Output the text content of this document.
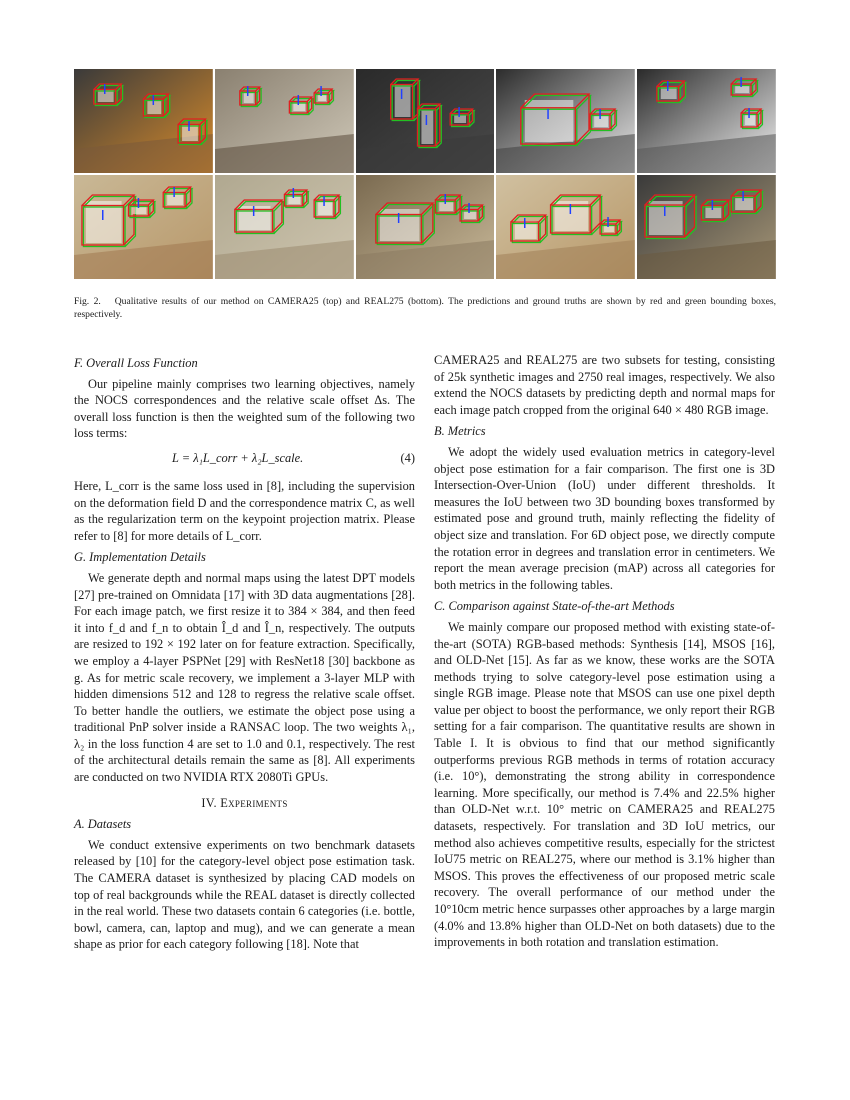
Fig. 2.  Qualitative results of our method on CAMERA25 (top) and REAL275 (bottom). The predictions and ground truths are shown by red and green bounding boxes, respectively.
F. Overall Loss Function

Our pipeline mainly comprises two learning objectives, namely the NOCS correspondences and the relative scale offset Δs. The overall loss function is then the weighted sum of the following two loss terms:

L = λ₁L_corr + λ₂L_scale.	(4)

Here, L_corr is the same loss used in [8], including the supervision on the deformation field D and the correspondence matrix C, as well as the regularization term on the keypoint projection matrix. Please refer to [8] for more details of L_corr.

G. Implementation Details

We generate depth and normal maps using the latest DPT models [27] pre-trained on Omnidata [17] with 3D data augmentations [28]. For each image patch, we first resize it to 384 × 384, and then feed it into f_d and f_n to obtain Î_d and Î_n, respectively. The outputs are resized to 192 × 192 later on for feature extraction. Specifically, we employ a 4-layer PSPNet [29] with ResNet18 [30] backbone as g. As for metric scale recovery, we implement a 3-layer MLP with hidden dimensions 512 and 128 to regress the relative scale offset. To better handle the outliers, we estimate the object pose using a traditional PnP solver inside a RANSAC loop. The two weights λ₁, λ₂ in the loss function 4 are set to 1.0 and 0.1, respectively. The rest of the architectural details remain the same as [8]. All experiments are conducted on two NVIDIA RTX 2080Ti GPUs.

IV. Experiments
A. Datasets

We conduct extensive experiments on two benchmark datasets released by [10] for the category-level object pose estimation task. The CAMERA dataset is synthesized by placing CAD models on top of real backgrounds while the REAL dataset is directly collected in the real world. These two datasets contain 6 categories (i.e. bottle, bowl, camera, can, laptop and mug), and we can generate a mean shape as prior for each category following [18]. Note that

CAMERA25 and REAL275 are two subsets for testing, consisting of 25k synthetic images and 2750 real images, respectively. We also extend the NOCS datasets by predicting depth and normal maps for each image patch cropped from the original 640 × 480 RGB image.

B. Metrics

We adopt the widely used evaluation metrics in category-level object pose estimation for a fair comparison. The first one is 3D Intersection-Over-Union (IoU) under different thresholds. It measures the IoU between two 3D bounding boxes transformed by estimated pose and ground truth, mainly reflecting the fidelity of object size and translation. For 6D object pose, we directly compute the rotation error in degrees and translation error in centimeters. We report the mean average precision (mAP) across all categories for both metrics in the following tables.

C. Comparison against State-of-the-art Methods

We mainly compare our proposed method with existing state-of-the-art (SOTA) RGB-based methods: Synthesis [14], MSOS [16], and OLD-Net [15]. As far as we know, these works are the SOTA methods trying to solve category-level pose estimation using a single RGB image. Please note that MSOS can use one pixel depth value per object to boost the performance, we only report their RGB setting for a fair comparison. The quantitative results are shown in Table I. It is obvious to find that our method significantly outperforms previous RGB methods in terms of rotation accuracy (i.e. 10°), demonstrating the strong ability in correspondence learning. More specifically, our method is 7.4% and 22.5% higher than OLD-Net w.r.t. 10° metric on CAMERA25 and REAL275 datasets, respectively. For translation and 3D IoU metrics, our method also achieves competitive results, especially for the strictest IoU75 metric on REAL275, where our method is 3.1% higher than MSOS. This proves the effectiveness of our proposed metric scale recovery. The overall performance of our method under the 10°10cm metric hence surpasses other approaches by a large margin (4.0% and 13.8% higher than OLD-Net on both datasets) due to the improvements in both rotation and translation estimation.
